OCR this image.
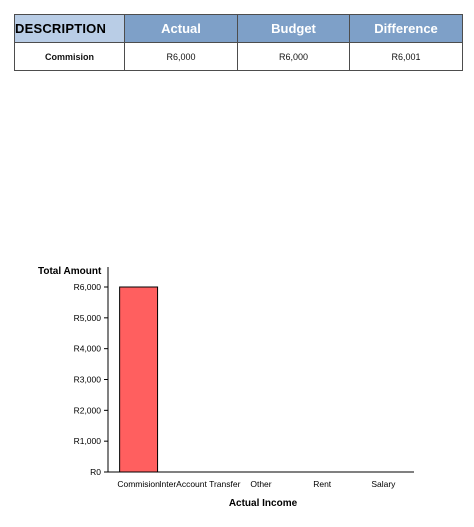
DESCRIPTION	Actual	Budget	Difference
Commision	R6,000	R6,000	R6,001
Total Amount
Actual Income
R0
R1,000
R2,000
R3,000
R4,000
R5,000
R6,000
Commision InterAccount Transfer Other	Rent	Salary
